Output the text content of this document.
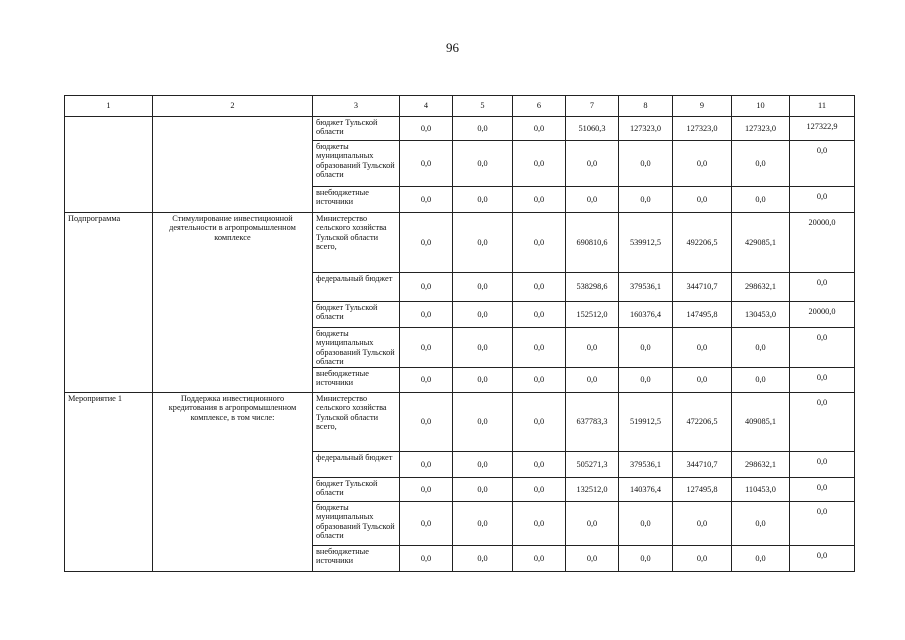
96
1	2	3	4	5	6	7	8	9	10	11
		бюджет Тульской области	0,0	0,0	0,0	51060,3	127323,0	127323,0	127323,0	127322,9
		бюджеты муниципальных образований Тульской области	0,0	0,0	0,0	0,0	0,0	0,0	0,0	0,0
		внебюджетные источники	0,0	0,0	0,0	0,0	0,0	0,0	0,0	0,0
Подпрограмма	Стимулирование инвестиционной деятельности в агропромышленном комплексе	Министерство сельского хозяйства Тульской области всего,	0,0	0,0	0,0	690810,6	539912,5	492206,5	429085,1	20000,0
		федеральный бюджет	0,0	0,0	0,0	538298,6	379536,1	344710,7	298632,1	0,0
		бюджет Тульской области	0,0	0,0	0,0	152512,0	160376,4	147495,8	130453,0	20000,0
		бюджеты муниципальных образований Тульской области	0,0	0,0	0,0	0,0	0,0	0,0	0,0	0,0
		внебюджетные источники	0,0	0,0	0,0	0,0	0,0	0,0	0,0	0,0
Мероприятие 1	Поддержка инвестиционного кредитования в агропромышленном комплексе, в том числе:	Министерство сельского хозяйства Тульской области всего,	0,0	0,0	0,0	637783,3	519912,5	472206,5	409085,1	0,0
		федеральный бюджет	0,0	0,0	0,0	505271,3	379536,1	344710,7	298632,1	0,0
		бюджет Тульской области	0,0	0,0	0,0	132512,0	140376,4	127495,8	110453,0	0,0
		бюджеты муниципальных образований Тульской области	0,0	0,0	0,0	0,0	0,0	0,0	0,0	0,0
		внебюджетные источники	0,0	0,0	0,0	0,0	0,0	0,0	0,0	0,0
